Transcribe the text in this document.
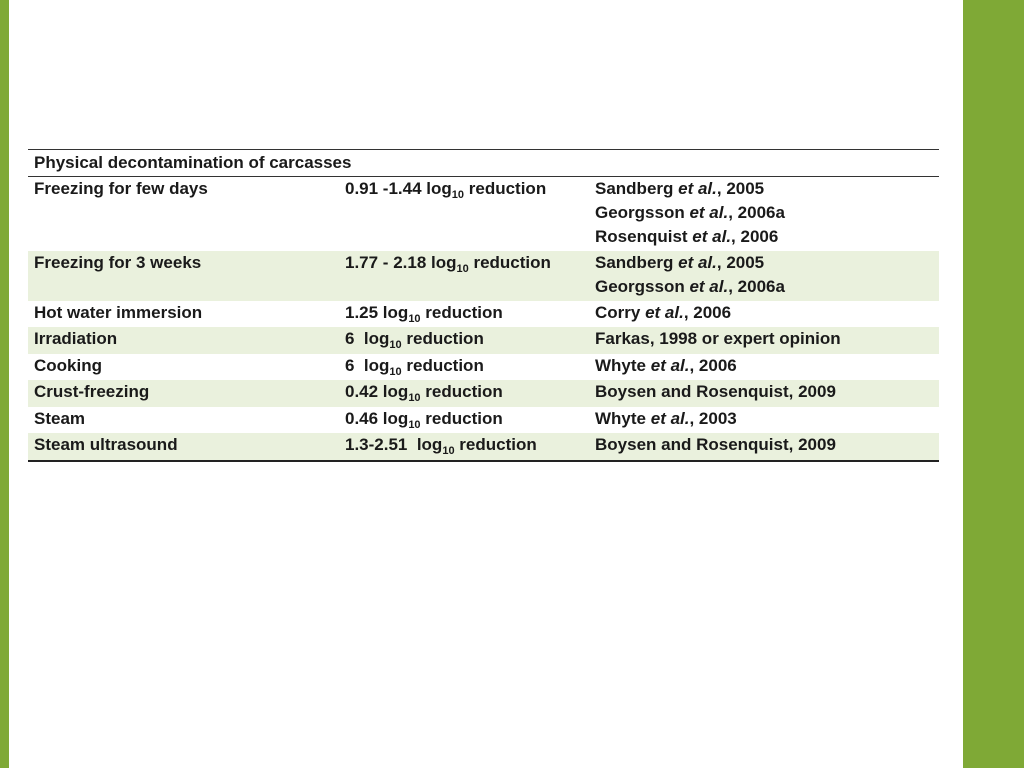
Physical decontamination of carcasses
Freezing for few days	0.91 -1.44 $\log_{10}$ reduction	Sandberg et al., 2005
Georgsson et al., 2006a
Rosenquist et al., 2006
Freezing for 3 weeks	1.77 - 2.18 $\log_{10}$ reduction	Sandberg et al., 2005
Georgsson et al., 2006a
Hot water immersion	1.25 $\log_{10}$ reduction	Corry et al., 2006
Irradiation	6  $\log_{10}$ reduction	Farkas, 1998 or expert opinion
Cooking	6  $\log_{10}$ reduction	Whyte et al., 2006
Crust-freezing	0.42 $\log_{10}$ reduction	Boysen and Rosenquist, 2009
Steam	0.46 $\log_{10}$ reduction	Whyte et al., 2003
Steam ultrasound	1.3-2.51  $\log_{10}$ reduction	Boysen and Rosenquist, 2009
